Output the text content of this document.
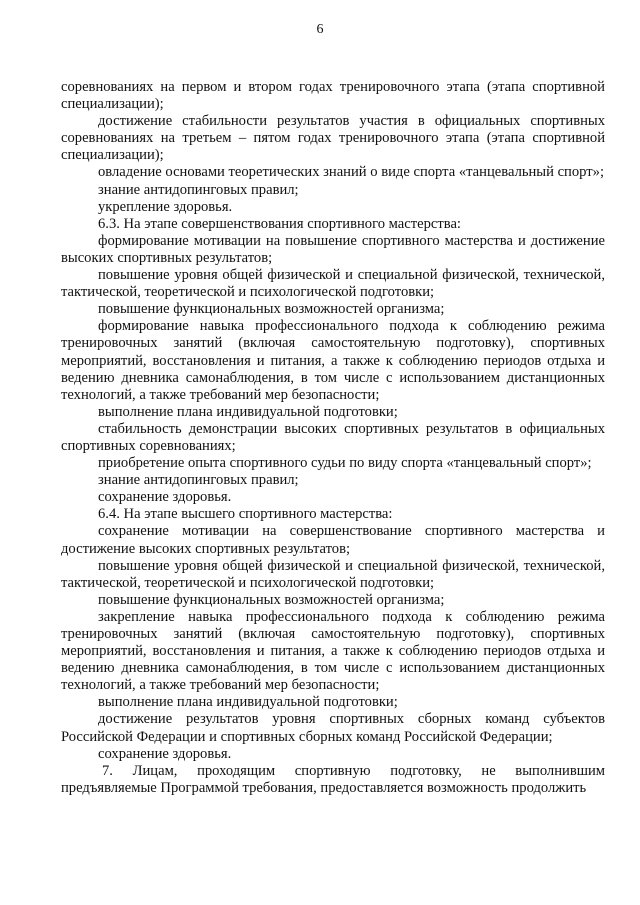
6

соревнованиях на первом и втором годах тренировочного этапа (этапа спортивной специализации);

достижение стабильности результатов участия в официальных спортивных соревнованиях на третьем – пятом годах тренировочного этапа (этапа спортивной специализации);

овладение основами теоретических знаний о виде спорта «танцевальный спорт»;

знание антидопинговых правил;

укрепление здоровья.

6.3. На этапе совершенствования спортивного мастерства:

формирование мотивации на повышение спортивного мастерства и достижение высоких спортивных результатов;

повышение уровня общей физической и специальной физической, технической, тактической, теоретической и психологической подготовки;

повышение функциональных возможностей организма;

формирование навыка профессионального подхода к соблюдению режима тренировочных занятий (включая самостоятельную подготовку), спортивных мероприятий, восстановления и питания, а также к соблюдению периодов отдыха и ведению дневника самонаблюдения, в том числе с использованием дистанционных технологий, а также требований мер безопасности;

выполнение плана индивидуальной подготовки;

стабильность демонстрации высоких спортивных результатов в официальных спортивных соревнованиях;

приобретение опыта спортивного судьи по виду спорта «танцевальный спорт»;

знание антидопинговых правил;

сохранение здоровья.

6.4. На этапе высшего спортивного мастерства:

сохранение мотивации на совершенствование спортивного мастерства и достижение высоких спортивных результатов;

повышение уровня общей физической и специальной физической, технической, тактической, теоретической и психологической подготовки;

повышение функциональных возможностей организма;

закрепление навыка профессионального подхода к соблюдению режима тренировочных занятий (включая самостоятельную подготовку), спортивных мероприятий, восстановления и питания, а также к соблюдению периодов отдыха и ведению дневника самонаблюдения, в том числе с использованием дистанционных технологий, а также требований мер безопасности;

выполнение плана индивидуальной подготовки;

достижение результатов уровня спортивных сборных команд субъектов Российской Федерации и спортивных сборных команд Российской Федерации;

сохранение здоровья.

7. Лицам, проходящим спортивную подготовку, не выполнившим предъявляемые Программой требования, предоставляется возможность продолжить
